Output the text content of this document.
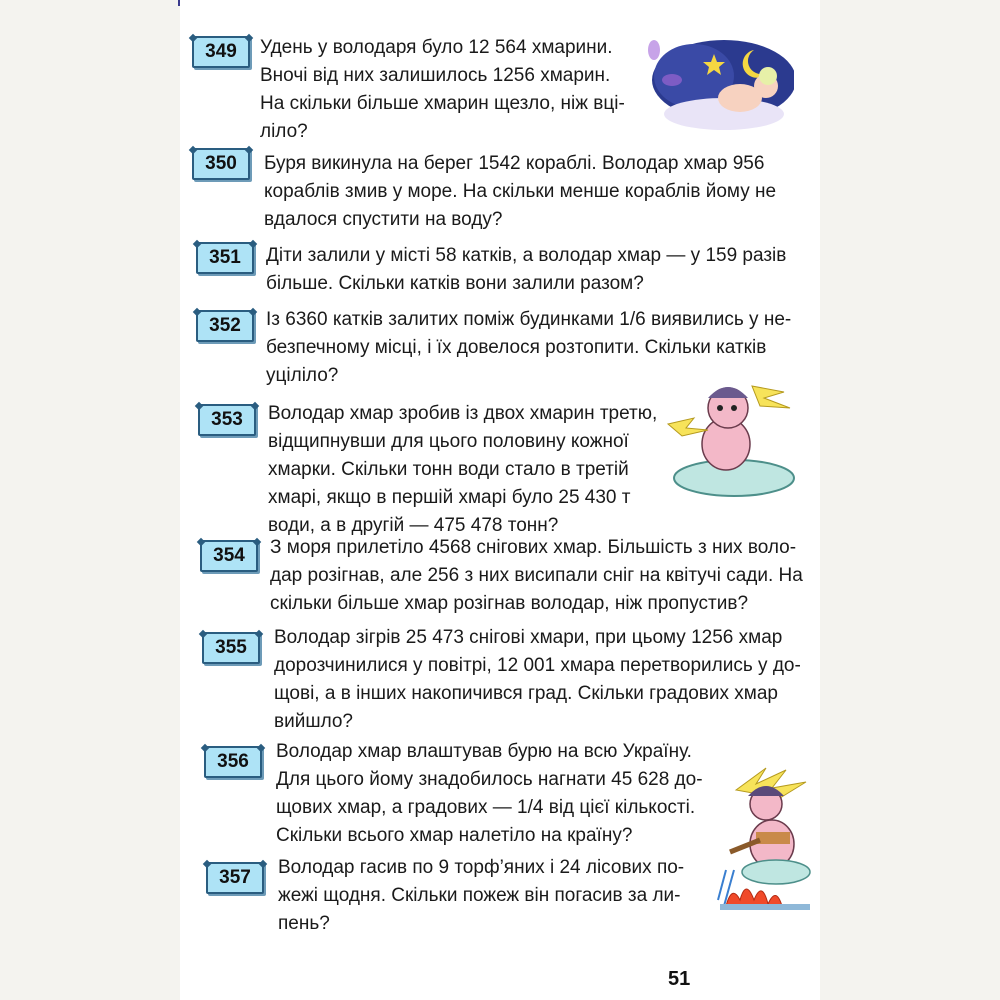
349	Удень у володаря було 12 564 хмарини.
Вночі від них залишилось 1256 хмарин.
На скільки більше хмарин щезло, ніж вці-
ліло?
350	Буря викинула на берег 1542 кораблі. Володар хмар 956
кораблів змив у море. На скільки менше кораблів йому не
вдалося спустити на воду?
351	Діти залили у місті 58 катків, а володар хмар — у 159 разів
більше. Скільки катків вони залили разом?
352	Із 6360 катків залитих поміж будинками 1/6 виявились у не-
безпечному місці, і їх довелося розтопити. Скільки катків
уціліло?
353	Володар хмар зробив із двох хмарин третю,
відщипнувши для цього половину кожної
хмарки. Скільки тонн води стало в третій
хмарі, якщо в першій хмарі було 25 430 т
води, а в другій — 475 478 тонн?
354	З моря прилетіло 4568 снігових хмар. Більшість з них воло-
дар розігнав, але 256 з них висипали сніг на квітучі сади. На
скільки більше хмар розігнав володар, ніж пропустив?
355	Володар зігрів 25 473 снігові хмари, при цьому 1256 хмар
дорозчинилися у повітрі, 12 001 хмара перетворились у до-
щові, а в інших накопичився град. Скільки градових хмар
вийшло?
356	Володар хмар влаштував бурю на всю Україну.
Для цього йому знадобилось нагнати 45 628 до-
щових хмар, а градових — 1/4 від цієї кількості.
Скільки всього хмар налетіло на країну?
357	Володар гасив по 9 торф’яних і 24 лісових по-
жежі щодня. Скільки пожеж він погасив за ли-
пень?
51
